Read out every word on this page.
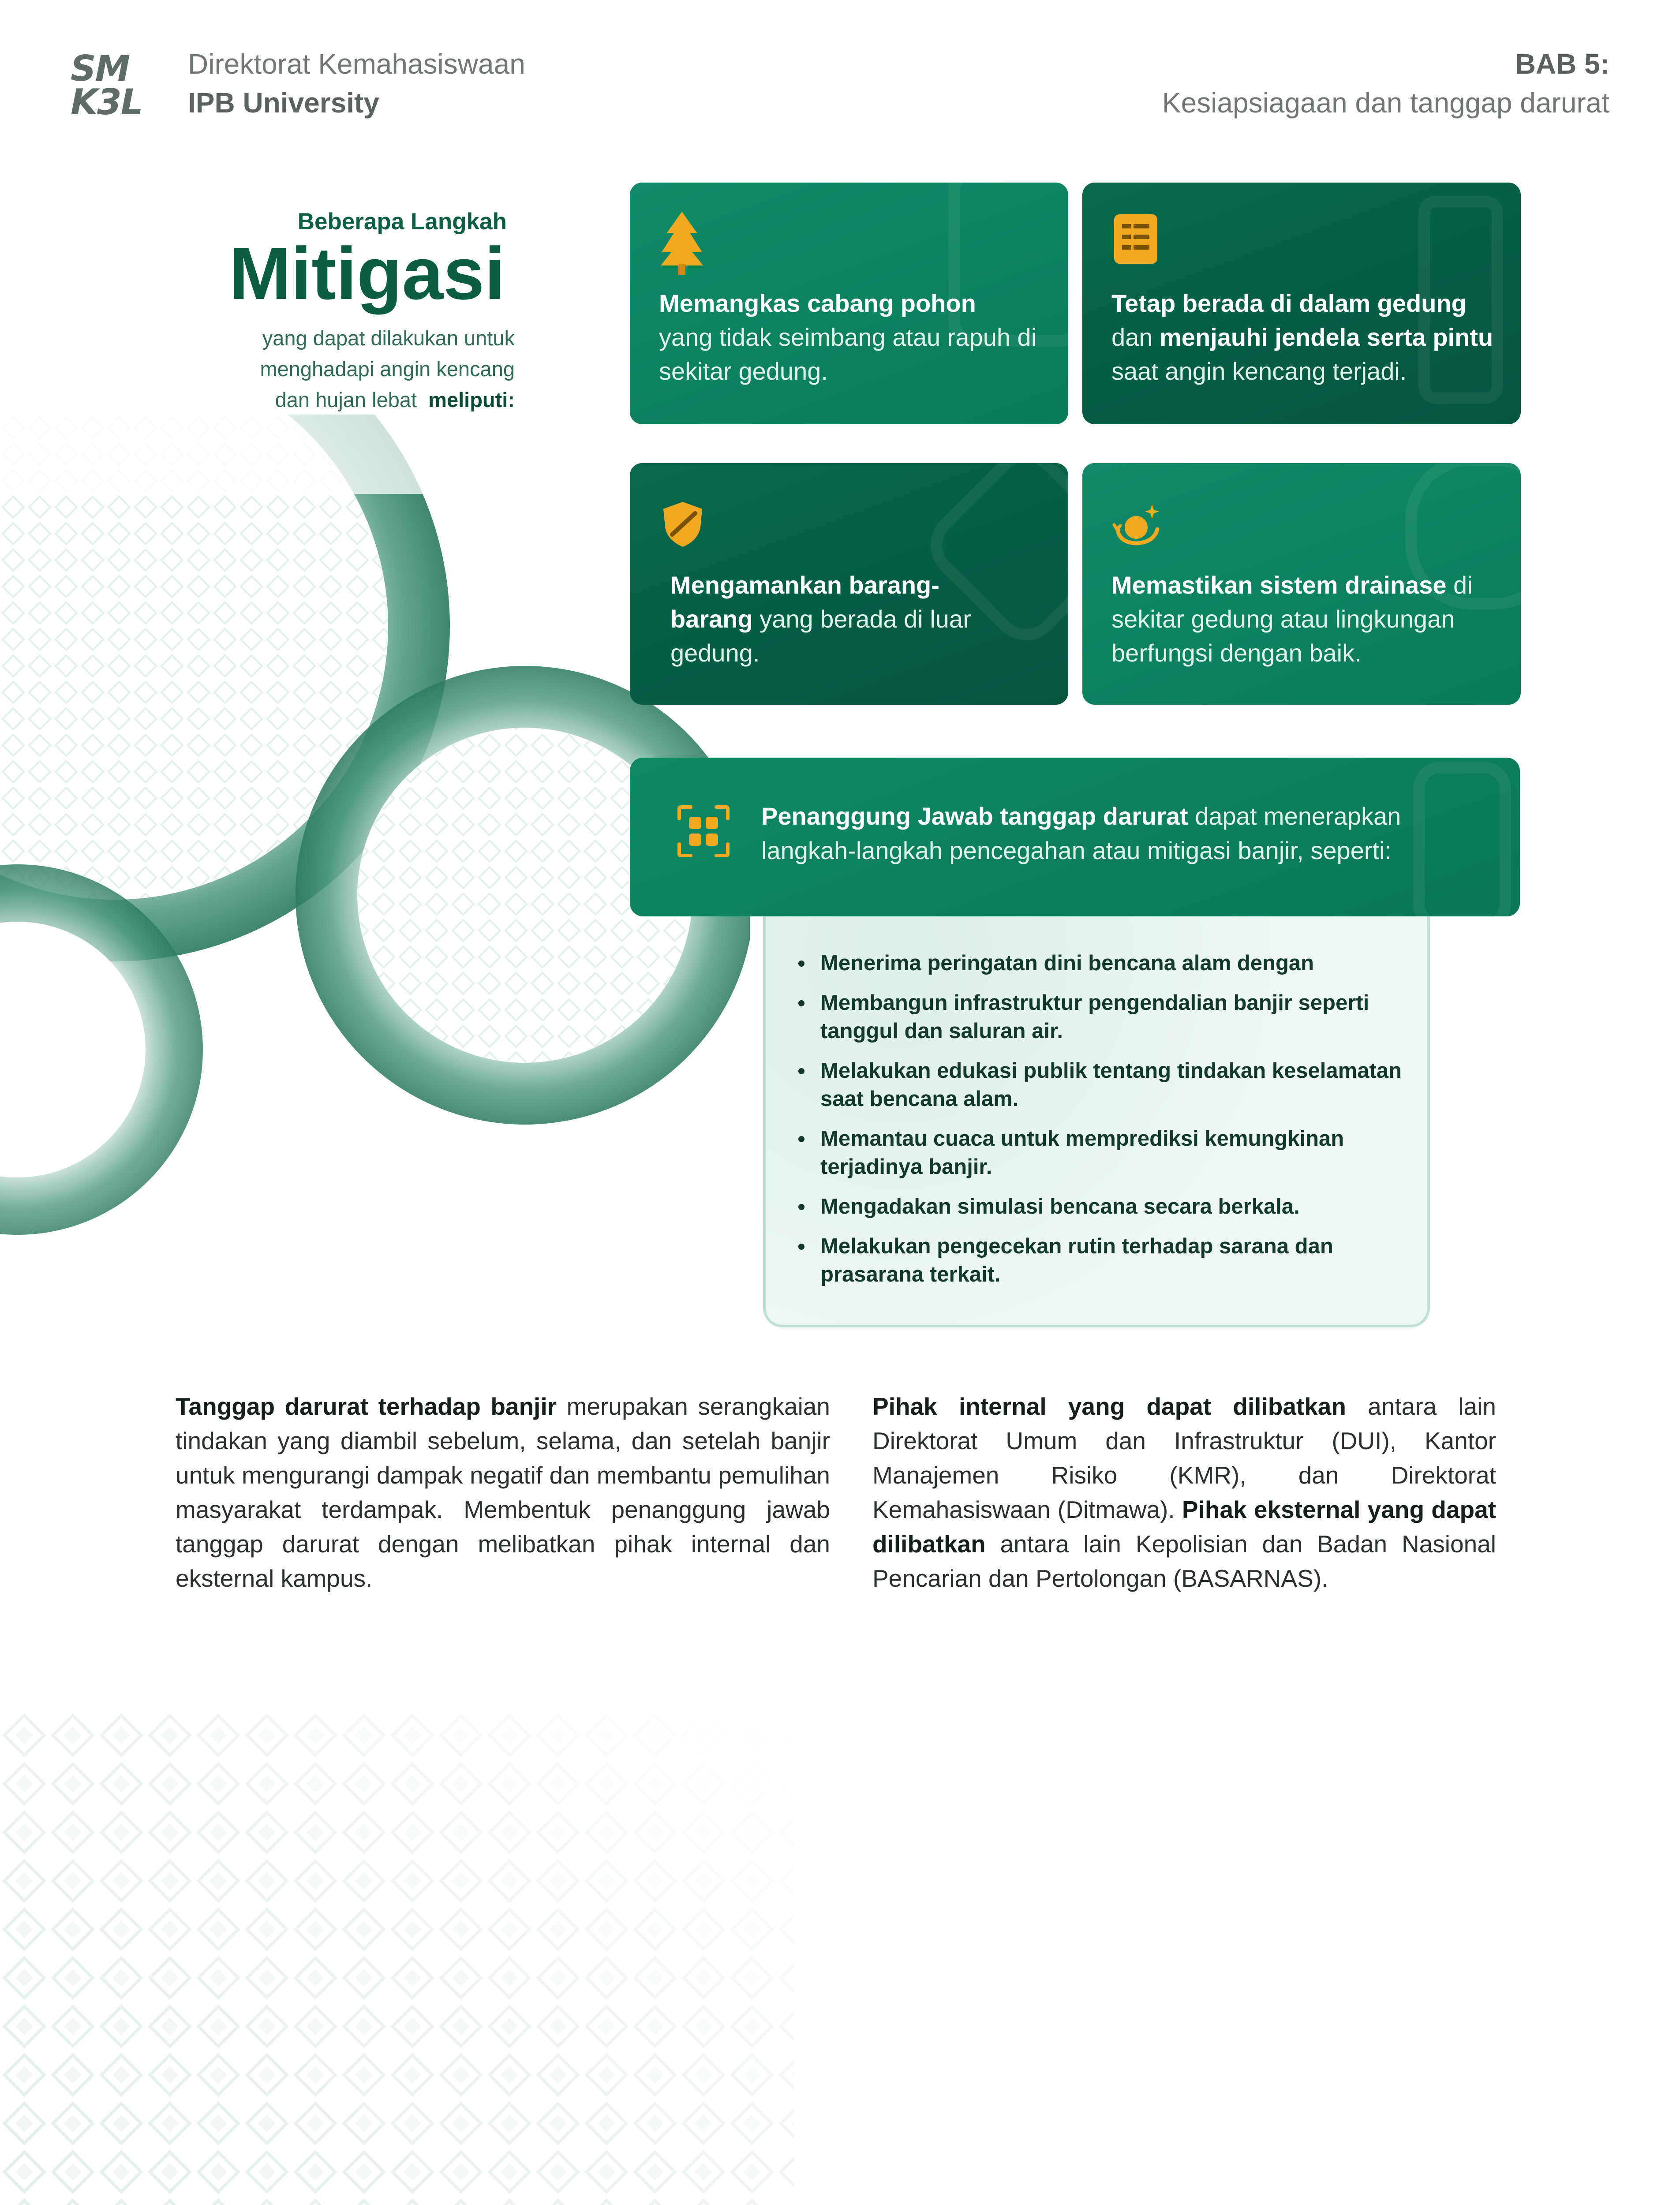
SM
K3L
Direktorat Kemahasiswaan
IPB University
BAB 5:
Kesiapsiagaan dan tanggap darurat
Beberapa Langkah
Mitigasi
yang dapat dilakukan untuk
menghadapi angin kencang
dan hujan lebat meliputi:
Memangkas cabang pohon
yang tidak seimbang atau rapuh di sekitar gedung.
Tetap berada di dalam gedung
dan menjauhi jendela serta pintu saat angin kencang terjadi.
Mengamankan barang-barang yang berada di luar gedung.
Memastikan sistem drainase di sekitar gedung atau lingkungan berfungsi dengan baik.
Menerima peringatan dini bencana alam dengan
Membangun infrastruktur pengendalian banjir seperti tanggul dan saluran air.
Melakukan edukasi publik tentang tindakan keselamatan saat bencana alam.
Memantau cuaca untuk memprediksi kemungkinan terjadinya banjir.
Mengadakan simulasi bencana secara berkala.
Melakukan pengecekan rutin terhadap sarana dan prasarana terkait.
Penanggung Jawab tanggap darurat dapat menerapkan langkah-langkah pencegahan atau mitigasi banjir, seperti:
Tanggap darurat terhadap banjir merupakan serangkaian tindakan yang diambil sebelum, selama, dan setelah banjir untuk mengurangi dampak negatif dan membantu pemulihan masyarakat terdampak. Membentuk penanggung jawab tanggap darurat dengan melibatkan pihak internal dan eksternal kampus.
Pihak internal yang dapat dilibatkan antara lain Direktorat Umum dan Infrastruktur (DUI), Kantor Manajemen Risiko (KMR), dan Direktorat Kemahasiswaan (Ditmawa). Pihak eksternal yang dapat dilibatkan antara lain Kepolisian dan Badan Nasional Pencarian dan Pertolongan (BASARNAS).
